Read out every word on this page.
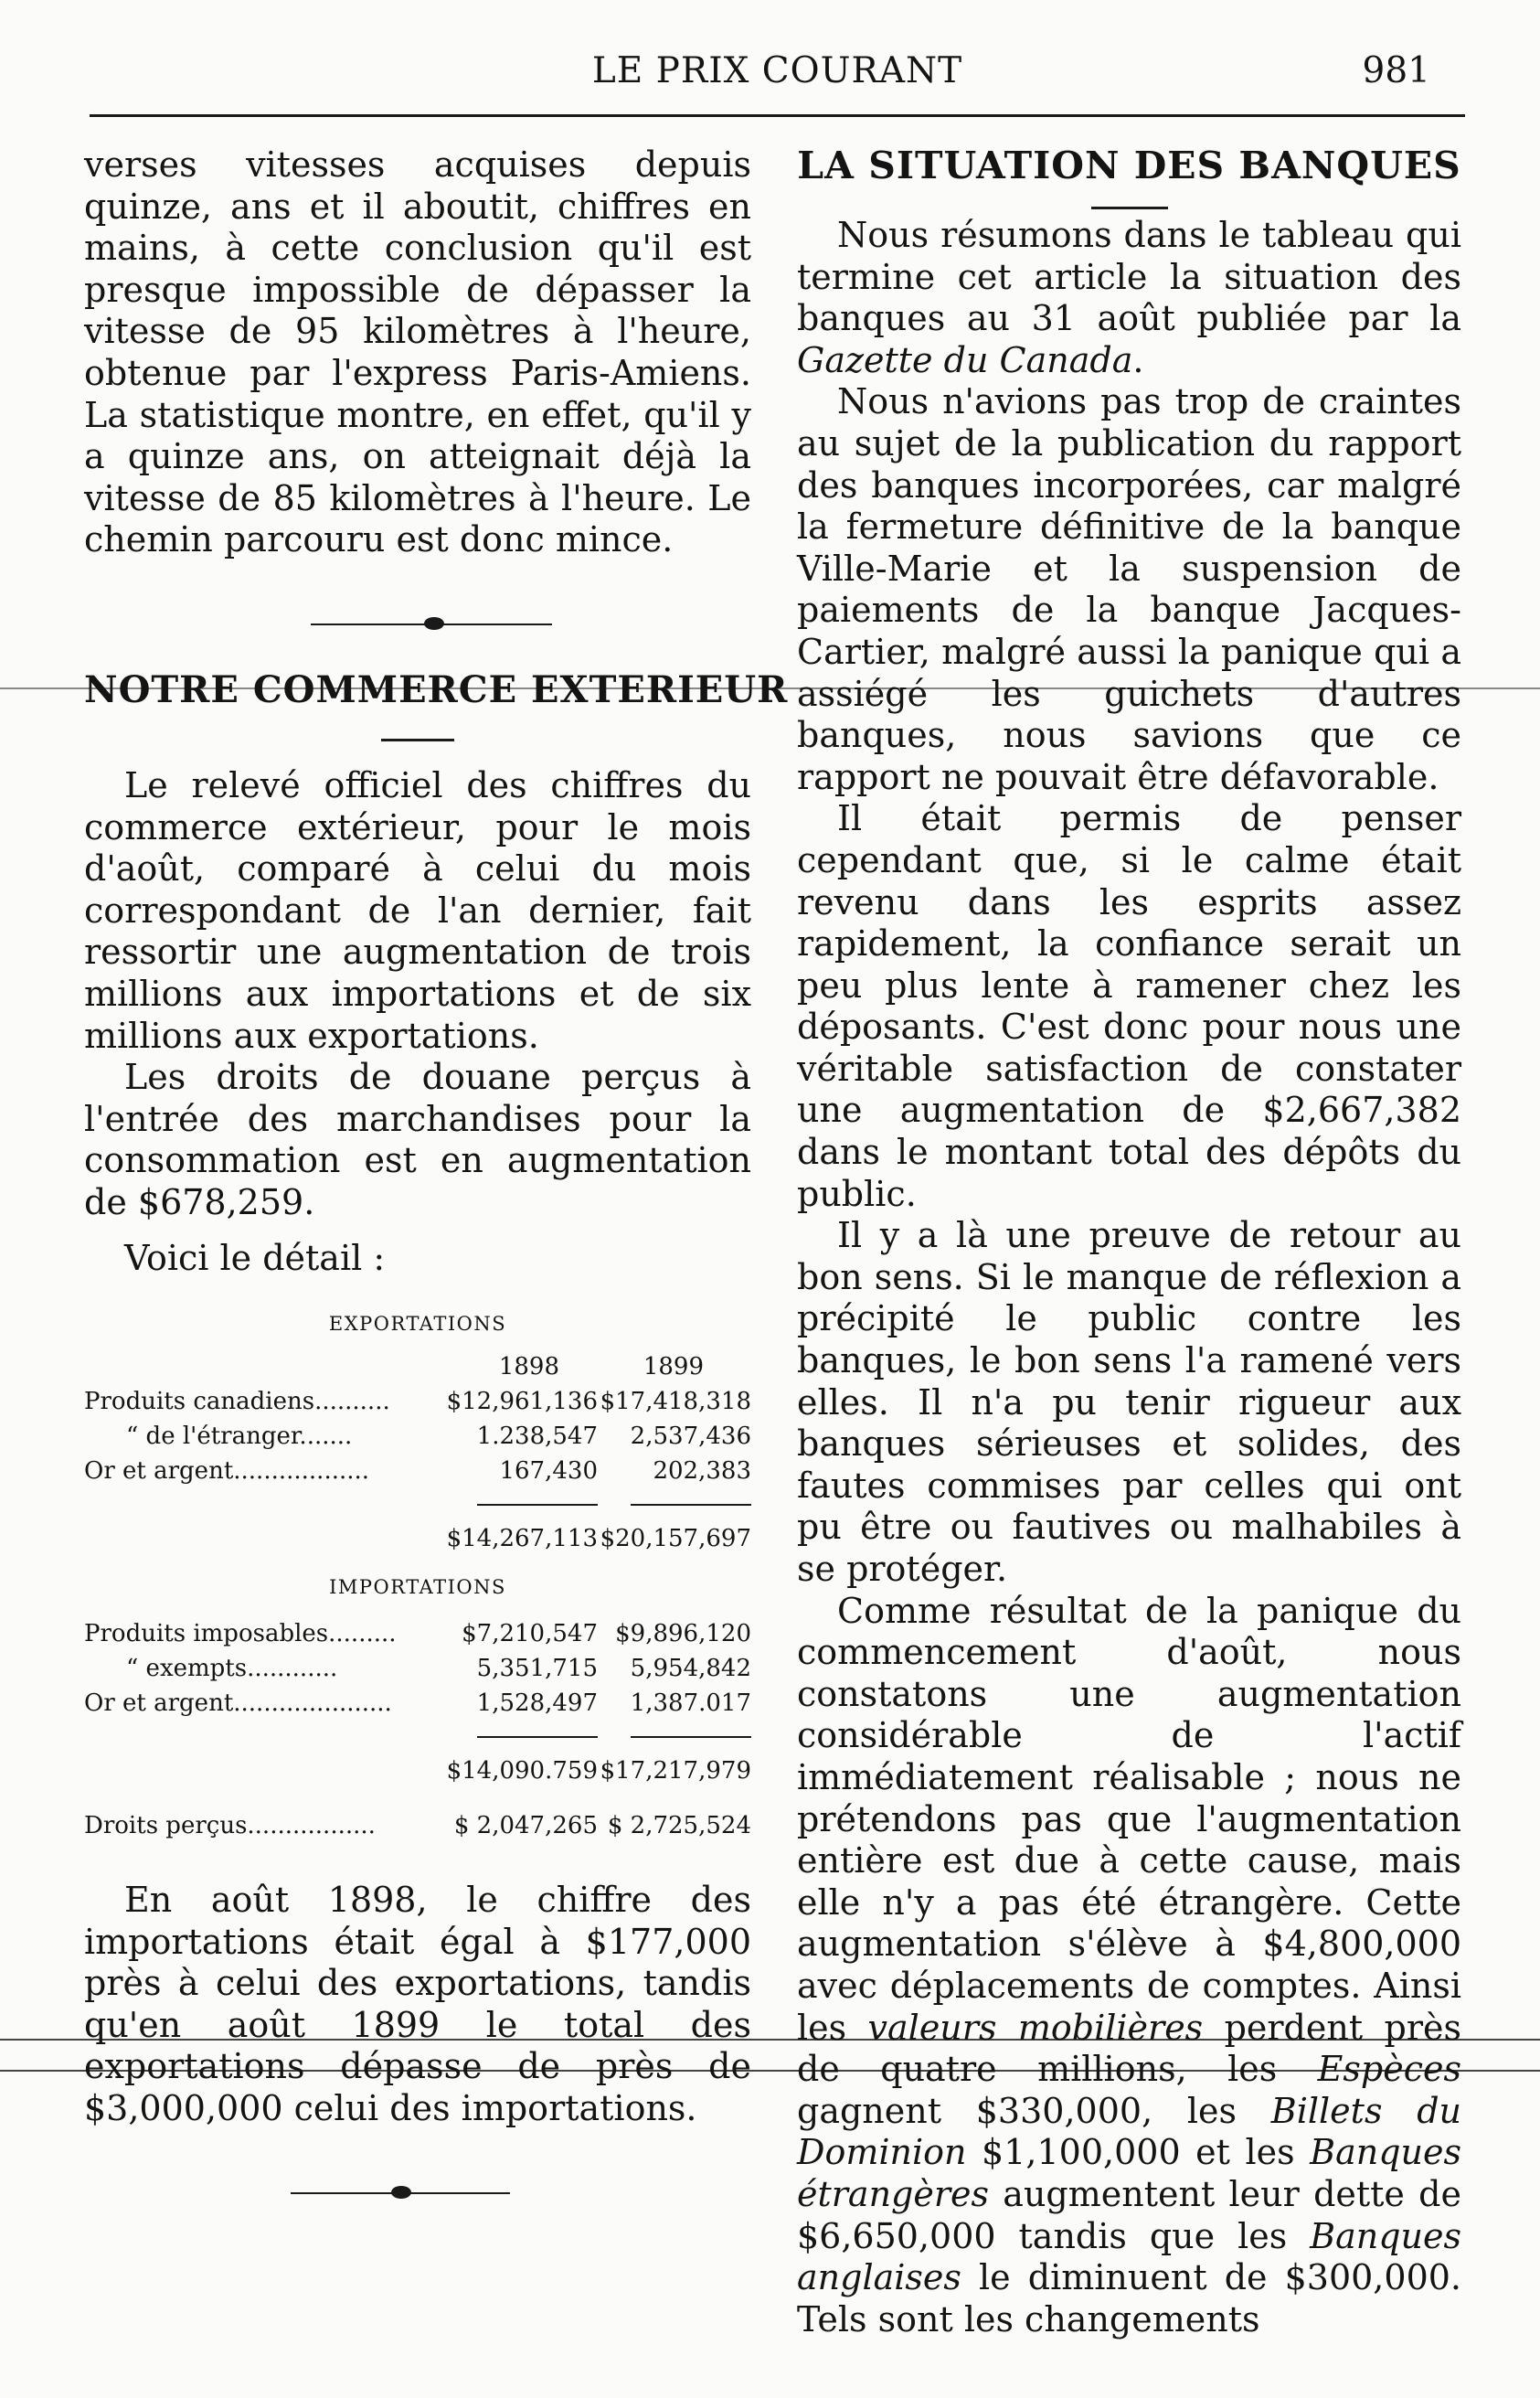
LE PRIX COURANT	981

verses vitesses acquises depuis quinze, ans et il aboutit, chiffres en mains, à cette conclusion qu'il est presque impossible de dépasser la vitesse de 95 kilomètres à l'heure, obtenue par l'express Paris-Amiens. La statistique montre, en effet, qu'il y a quinze ans, on atteignait déjà la vitesse de 85 kilomètres à l'heure. Le chemin parcouru est donc mince.

NOTRE COMMERCE EXTERIEUR

Le relevé officiel des chiffres du commerce extérieur, pour le mois d'août, comparé à celui du mois correspondant de l'an dernier, fait ressortir une augmentation de trois millions aux importations et de six millions aux exportations.

Les droits de douane perçus à l'entrée des marchandises pour la consommation est en augmentation de $678,259.

Voici le détail :

EXPORTATIONS
1898	1899
Produits canadiens.......... $12,961,136 $17,418,318
“ de l'étranger.......	1.238,547 2,537,436
Or et argent..................	167,430 202,383
$14,267,113 $20,157,697
IMPORTATIONS
Produits imposables.........	$7,210,547 $9,896,120
“ exempts............	5,351,715 5,954,842
Or et argent.....................	1,528,497 1,387.017
$14,090.759 $17,217,979
Droits perçus.................	$ 2,047,265 $ 2,725,524

En août 1898, le chiffre des importations était égal à $177,000 près à celui des exportations, tandis qu'en août 1899 le total des exportations dépasse de près de $3,000,000 celui des importations.

LA SITUATION DES BANQUES

Nous résumons dans le tableau qui termine cet article la situation des banques au 31 août publiée par la Gazette du Canada.

Nous n'avions pas trop de craintes au sujet de la publication du rapport des banques incorporées, car malgré la fermeture définitive de la banque Ville-Marie et la suspension de paiements de la banque Jacques-Cartier, malgré aussi la panique qui a assiégé les guichets d'autres banques, nous savions que ce rapport ne pouvait être défavorable.

Il était permis de penser cependant que, si le calme était revenu dans les esprits assez rapidement, la confiance serait un peu plus lente à ramener chez les déposants. C'est donc pour nous une véritable satisfaction de constater une augmentation de $2,667,382 dans le montant total des dépôts du public.

Il y a là une preuve de retour au bon sens. Si le manque de réflexion a précipité le public contre les banques, le bon sens l'a ramené vers elles. Il n'a pu tenir rigueur aux banques sérieuses et solides, des fautes commises par celles qui ont pu être ou fautives ou malhabiles à se protéger.

Comme résultat de la panique du commencement d'août, nous constatons une augmentation considérable de l'actif immédiatement réalisable ; nous ne prétendons pas que l'augmentation entière est due à cette cause, mais elle n'y a pas été étrangère. Cette augmentation s'élève à $4,800,000 avec déplacements de comptes. Ainsi les valeurs mobilières perdent près de quatre millions, les Espèces gagnent $330,000, les Billets du Dominion $1,100,000 et les Banques étrangères augmentent leur dette de $6,650,000 tandis que les Banques anglaises le diminuent de $300,000. Tels sont les changements
